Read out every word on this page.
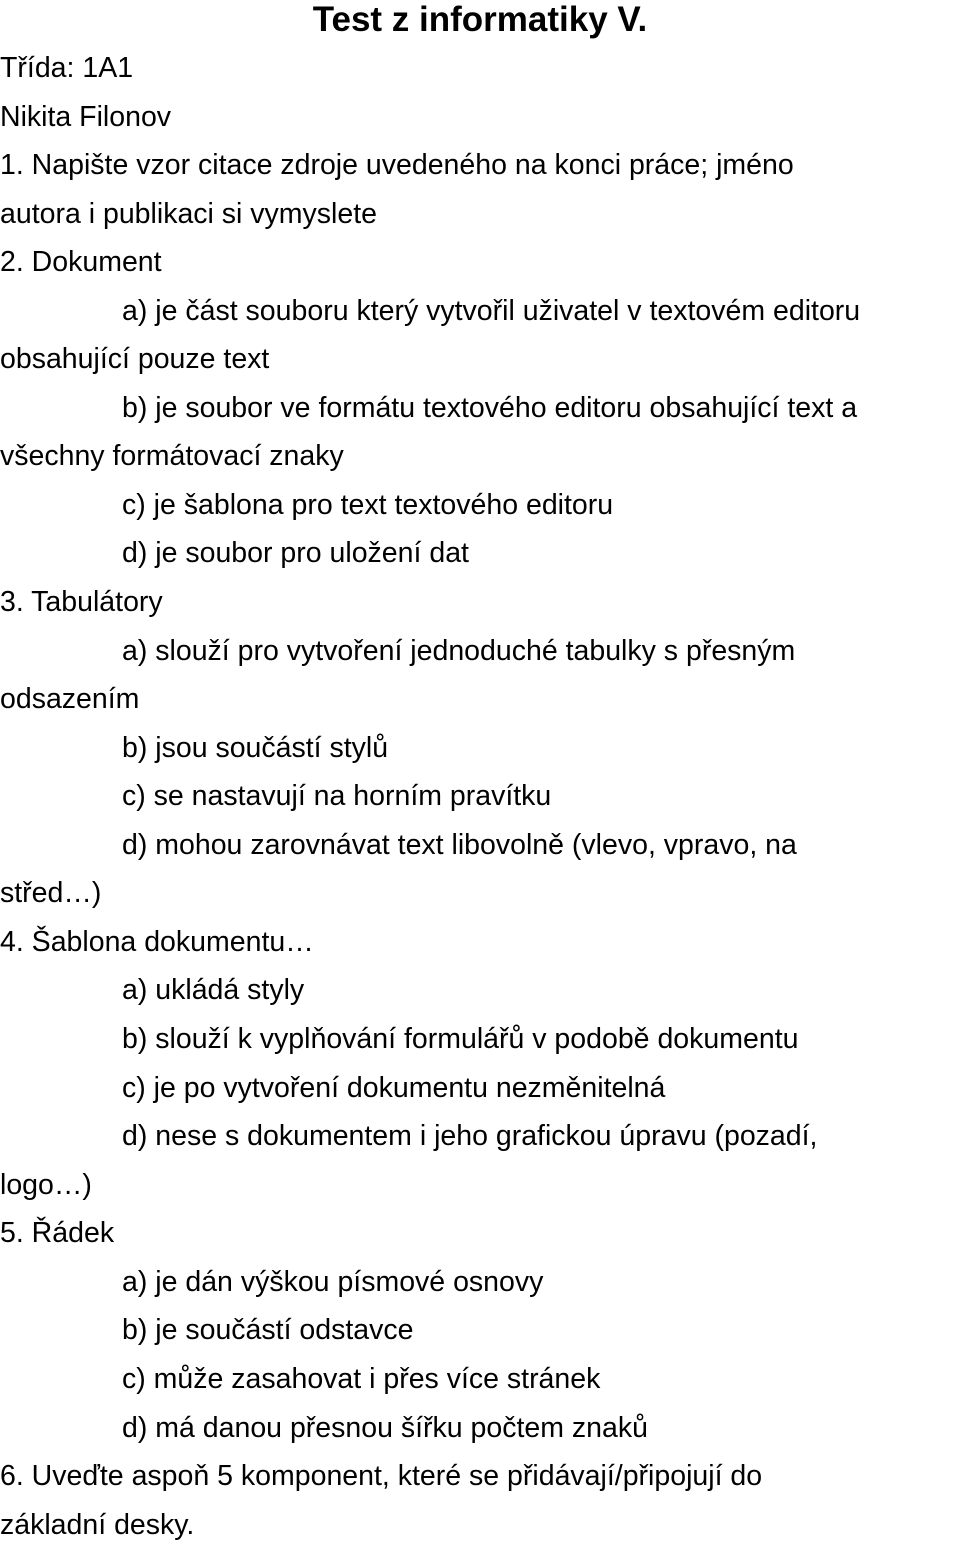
Test z informatiky V.

Třída: 1A1

Nikita Filonov

1. Napište vzor citace zdroje uvedeného na konci práce; jméno

autora i publikaci si vymyslete

2. Dokument

a) je část souboru který vytvořil uživatel v textovém editoru

obsahující pouze text

b) je soubor ve formátu textového editoru obsahující text a

všechny formátovací znaky

c) je šablona pro text textového editoru

d) je soubor pro uložení dat

3. Tabulátory

a) slouží pro vytvoření jednoduché tabulky s přesným

odsazením

b) jsou součástí stylů

c) se nastavují na horním pravítku

d) mohou zarovnávat text libovolně (vlevo, vpravo, na

střed…)

4. Šablona dokumentu…

a) ukládá styly

b) slouží k vyplňování formulářů v podobě dokumentu

c) je po vytvoření dokumentu nezměnitelná

d) nese s dokumentem i jeho grafickou úpravu (pozadí,

logo…)

5. Řádek

a) je dán výškou písmové osnovy

b) je součástí odstavce

c) může zasahovat i přes více stránek

d) má danou přesnou šířku počtem znaků

6. Uveďte aspoň 5 komponent, které se přidávají/připojují do

základní desky.
